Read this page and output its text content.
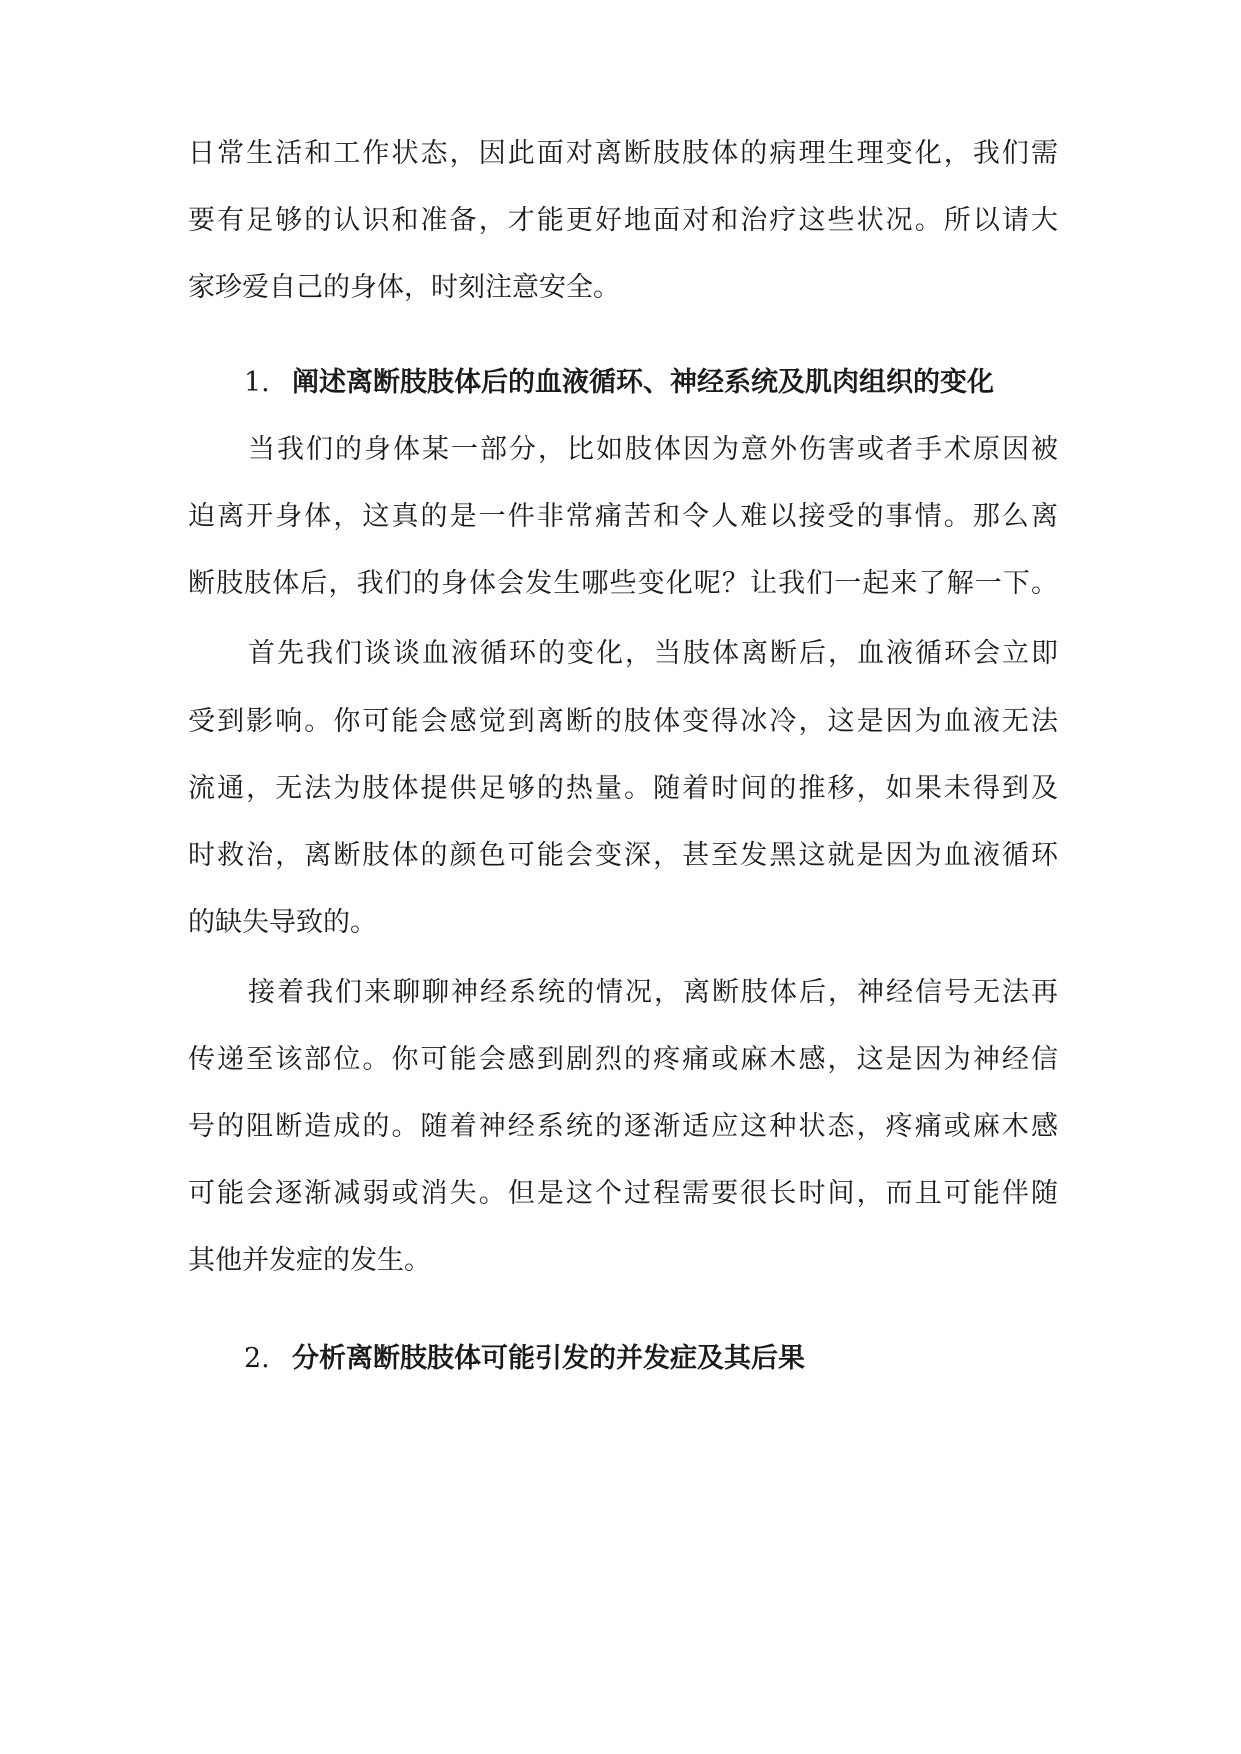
日常生活和工作状态，因此面对离断肢肢体的病理生理变化，我们需
要有足够的认识和准备，才能更好地面对和治疗这些状况。所以请大
家珍爱自己的身体，时刻注意安全。
1. 阐述离断肢肢体后的血液循环、神经系统及肌肉组织的变化
当我们的身体某一部分，比如肢体因为意外伤害或者手术原因被
迫离开身体，这真的是一件非常痛苦和令人难以接受的事情。那么离
断肢肢体后，我们的身体会发生哪些变化呢？让我们一起来了解一下。
首先我们谈谈血液循环的变化，当肢体离断后，血液循环会立即
受到影响。你可能会感觉到离断的肢体变得冰冷，这是因为血液无法
流通，无法为肢体提供足够的热量。随着时间的推移，如果未得到及
时救治，离断肢体的颜色可能会变深，甚至发黑这就是因为血液循环
的缺失导致的。
接着我们来聊聊神经系统的情况，离断肢体后，神经信号无法再
传递至该部位。你可能会感到剧烈的疼痛或麻木感，这是因为神经信
号的阻断造成的。随着神经系统的逐渐适应这种状态，疼痛或麻木感
可能会逐渐减弱或消失。但是这个过程需要很长时间，而且可能伴随
其他并发症的发生。
2. 分析离断肢肢体可能引发的并发症及其后果
